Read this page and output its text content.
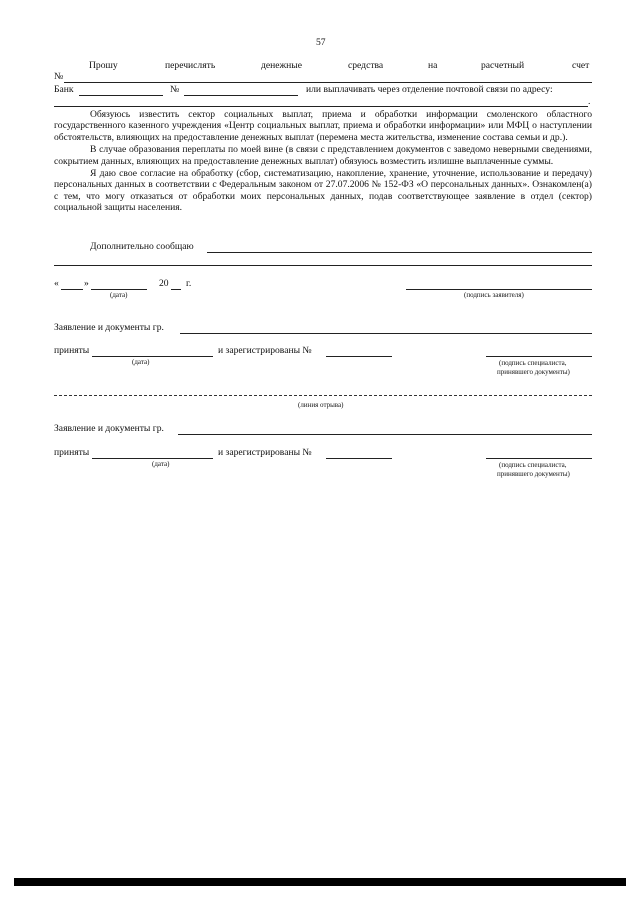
57
Прошу	перечислять	денежные	средства	на	расчетный	счет
№
Банк	№	или выплачивать через отделение почтовой связи по адресу:
.

Обязуюсь известить сектор социальных выплат, приема и обработки информации смоленского областного государственного казенного учреждения «Центр социальных выплат, приема и обработки информации» или МФЦ о наступлении обстоятельств, влияющих на предоставление денежных выплат (перемена места жительства, изменение состава семьи и др.).

В случае образования переплаты по моей вине (в связи с представлением документов с заведомо неверными сведениями, сокрытием данных, влияющих на предоставление денежных выплат) обязуюсь возместить излишне выплаченные суммы.

Я даю свое согласие на обработку (сбор, систематизацию, накопление, хранение, уточнение, использование и передачу) персональных данных в соответствии с Федеральным законом от 27.07.2006 № 152-ФЗ «О персональных данных». Ознакомлен(а) с тем, что могу отказаться от обработки моих персональных данных, подав соответствующее заявление в отдел (сектор) социальной защиты населения.

Дополнительно сообщаю
«	»	20 г.
(дата)	(подпись заявителя)
Заявление и документы гр.
приняты	и зарегистрированы №
(дата)	(подпись специалиста,
принявшего документы)
(линия отрыва)
Заявление и документы гр.
приняты	и зарегистрированы №
(дата)	(подпись специалиста,
принявшего документы)
